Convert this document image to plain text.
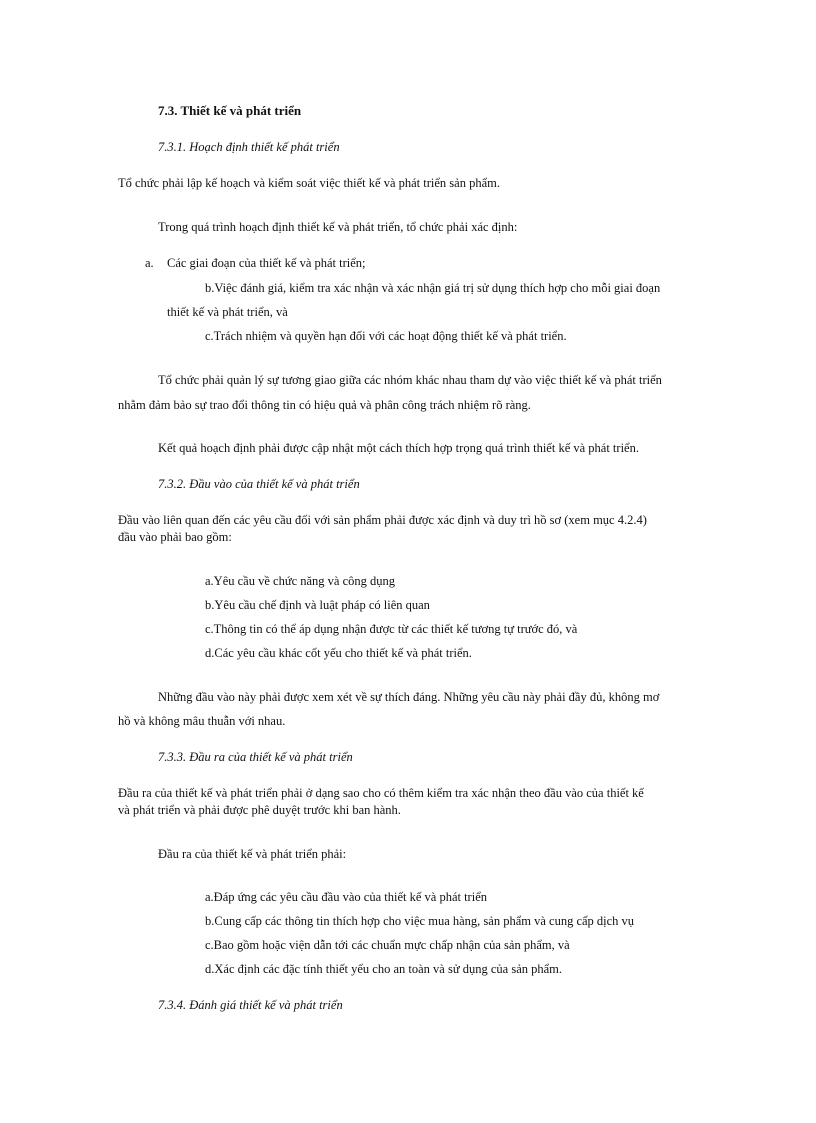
7.3. Thiết kế và phát triển
7.3.1. Hoạch định thiết kế phát triển
Tổ chức phải lập kế hoạch và kiểm soát việc thiết kế và phát triển sản phẩm.
Trong quá trình hoạch định thiết kế và phát triển, tổ chức phải xác định:
a. Các giai đoạn của thiết kế và phát triển;
b.Việc đánh giá, kiểm tra xác nhận và xác nhận giá trị sử dụng thích hợp cho mỗi giai đoạn
thiết kế và phát triển, và
c.Trách nhiệm và quyền hạn đối với các hoạt động thiết kế và phát triển.
Tổ chức phải quản lý sự tương giao giữa các nhóm khác nhau tham dự vào việc thiết kế và phát triển
nhằm đảm bảo sự trao đổi thông tin có hiệu quả và phân công trách nhiệm rõ ràng.
Kết quả hoạch định phải được cập nhật một cách thích hợp trọng quá trình thiết kế và phát triển.
7.3.2. Đầu vào của thiết kế và phát triển
Đầu vào liên quan đến các yêu cầu đối với sản phẩm phải được xác định và duy trì hồ sơ (xem mục 4.2.4)
đầu vào phải bao gồm:
a.Yêu cầu về chức năng và công dụng
b.Yêu cầu chế định và luật pháp có liên quan
c.Thông tin có thể áp dụng nhận được từ các thiết kế tương tự trước đó, và
d.Các yêu cầu khác cốt yếu cho thiết kế và phát triển.
Những đầu vào này phải được xem xét về sự thích đáng. Những yêu cầu này phải đầy đủ, không mơ
hồ và không mâu thuẫn với nhau.
7.3.3. Đầu ra của thiết kế và phát triển
Đầu ra của thiết kế và phát triển phải ở dạng sao cho có thêm kiểm tra xác nhận theo đầu vào của thiết kế
và phát triển và phải được phê duyệt trước khi ban hành.
Đầu ra của thiết kế và phát triển phải:
a.Đáp ứng các yêu cầu đầu vào của thiết kế và phát triển
b.Cung cấp các thông tin thích hợp cho việc mua hàng, sản phẩm và cung cấp dịch vụ
c.Bao gồm hoặc viện dẫn tới các chuẩn mực chấp nhận của sản phẩm, và
d.Xác định các đặc tính thiết yếu cho an toàn và sử dụng của sản phẩm.
7.3.4. Đánh giá thiết kế và phát triển
